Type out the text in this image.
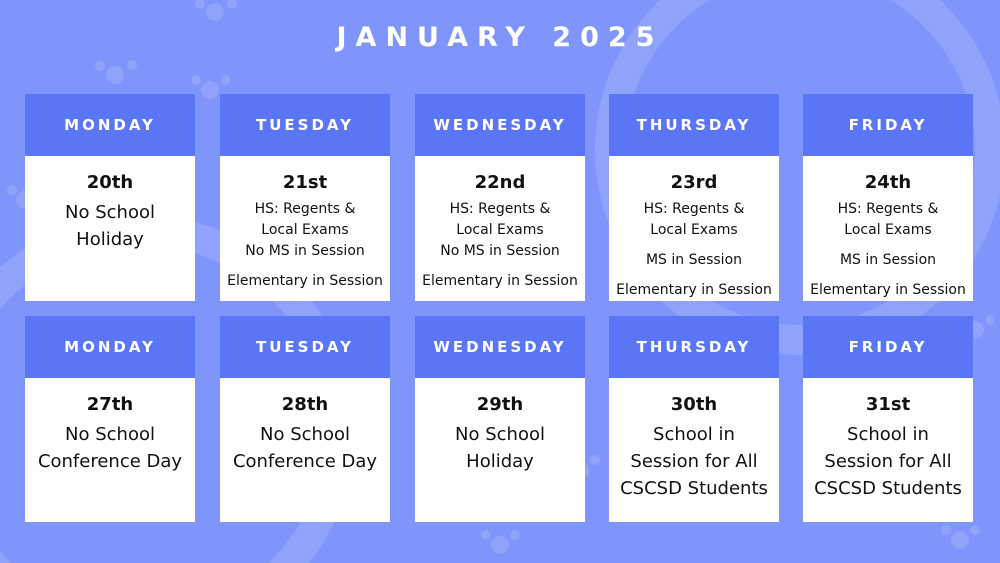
JANUARY 2025
MONDAY
20th
No School
Holiday
TUESDAY
21st
HS: Regents &
Local Exams
No MS in Session
Elementary in Session
WEDNESDAY
22nd
HS: Regents &
Local Exams
No MS in Session
Elementary in Session
THURSDAY
23rd
HS: Regents &
Local Exams
MS in Session
Elementary in Session
FRIDAY
24th
HS: Regents &
Local Exams
MS in Session
Elementary in Session
MONDAY
27th
No School
Conference Day
TUESDAY
28th
No School
Conference Day
WEDNESDAY
29th
No School
Holiday
THURSDAY
30th
School in
Session for All
CSCSD Students
FRIDAY
31st
School in
Session for All
CSCSD Students
